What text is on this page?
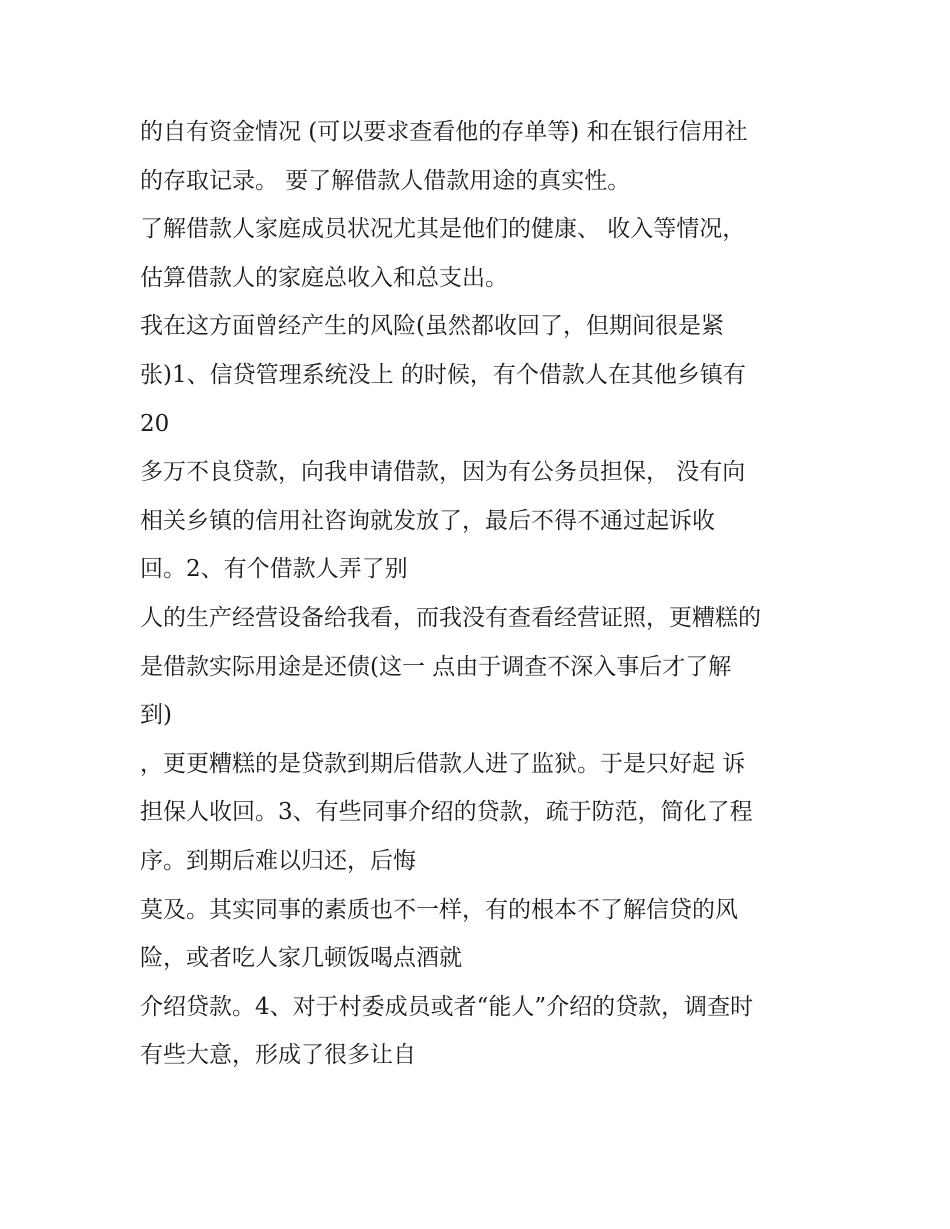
的自有资金情况 (可以要求查看他的存单等) 和在银行信用社

的存取记录。 要了解借款人借款用途的真实性。

了解借款人家庭成员状况尤其是他们的健康、 收入等情况，

估算借款人的家庭总收入和总支出。

我在这方面曾经产生的风险(虽然都收回了，但期间很是紧

张)1、信贷管理系统没上 的时候，有个借款人在其他乡镇有

20

多万不良贷款，向我申请借款，因为有公务员担保， 没有向

相关乡镇的信用社咨询就发放了，最后不得不通过起诉收

回。2、有个借款人弄了别

人的生产经营设备给我看，而我没有查看经营证照，更糟糕的

是借款实际用途是还债(这一 点由于调查不深入事后才了解

到)

，更更糟糕的是贷款到期后借款人进了监狱。于是只好起 诉

担保人收回。3、有些同事介绍的贷款，疏于防范，简化了程

序。到期后难以归还，后悔

莫及。其实同事的素质也不一样，有的根本不了解信贷的风

险，或者吃人家几顿饭喝点酒就

介绍贷款。4、对于村委成员或者“能人”介绍的贷款，调查时

有些大意，形成了很多让自
